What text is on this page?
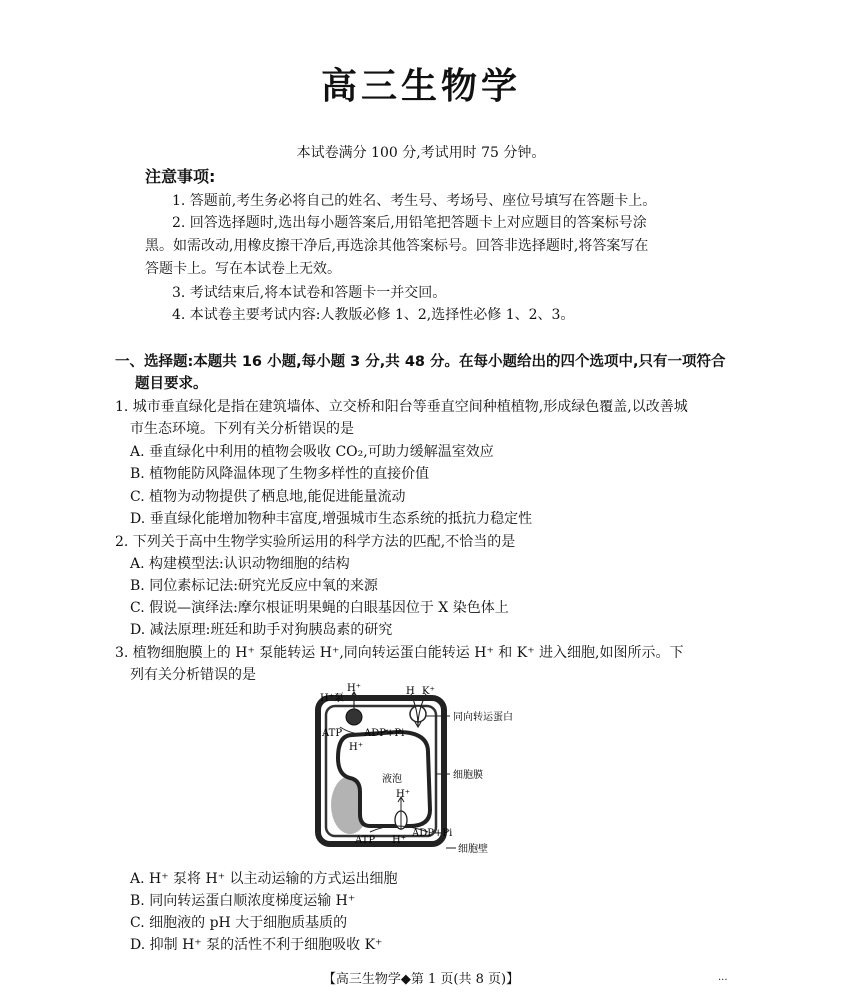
高三生物学
本试卷满分 100 分,考试用时 75 分钟。
注意事项:
1. 答题前,考生务必将自己的姓名、考生号、考场号、座位号填写在答题卡上。
2. 回答选择题时,选出每小题答案后,用铅笔把答题卡上对应题目的答案标号涂
黑。如需改动,用橡皮擦干净后,再选涂其他答案标号。回答非选择题时,将答案写在
答题卡上。写在本试卷上无效。
3. 考试结束后,将本试卷和答题卡一并交回。
4. 本试卷主要考试内容:人教版必修 1、2,选择性必修 1、2、3。
一、选择题:本题共 16 小题,每小题 3 分,共 48 分。在每小题给出的四个选项中,只有一项符合
题目要求。
1. 城市垂直绿化是指在建筑墙体、立交桥和阳台等垂直空间种植植物,形成绿色覆盖,以改善城
市生态环境。下列有关分析错误的是
A. 垂直绿化中利用的植物会吸收 CO₂,可助力缓解温室效应
B. 植物能防风降温体现了生物多样性的直接价值
C. 植物为动物提供了栖息地,能促进能量流动
D. 垂直绿化能增加物种丰富度,增强城市生态系统的抵抗力稳定性
2. 下列关于高中生物学实验所运用的科学方法的匹配,不恰当的是
A. 构建模型法:认识动物细胞的结构
B. 同位素标记法:研究光反应中氧的来源
C. 假说—演绎法:摩尔根证明果蝇的白眼基因位于 X 染色体上
D. 减法原理:班廷和助手对狗胰岛素的研究
3. 植物细胞膜上的 H⁺ 泵能转运 H⁺,同向转运蛋白能转运 H⁺ 和 K⁺ 进入细胞,如图所示。下
列有关分析错误的是
H⁺泵
H⁺
ATP ADP+Pi
H⁺
H K⁺
同向转运蛋白
液泡	细胞膜
H⁺
ATP H⁺
ADP+Pi
细胞壁
A. H⁺ 泵将 H⁺ 以主动运输的方式运出细胞
B. 同向转运蛋白顺浓度梯度运输 H⁺
C. 细胞液的 pH 大于细胞质基质的
D. 抑制 H⁺ 泵的活性不利于细胞吸收 K⁺
【高三生物学◆第 1 页(共 8 页)】	...
